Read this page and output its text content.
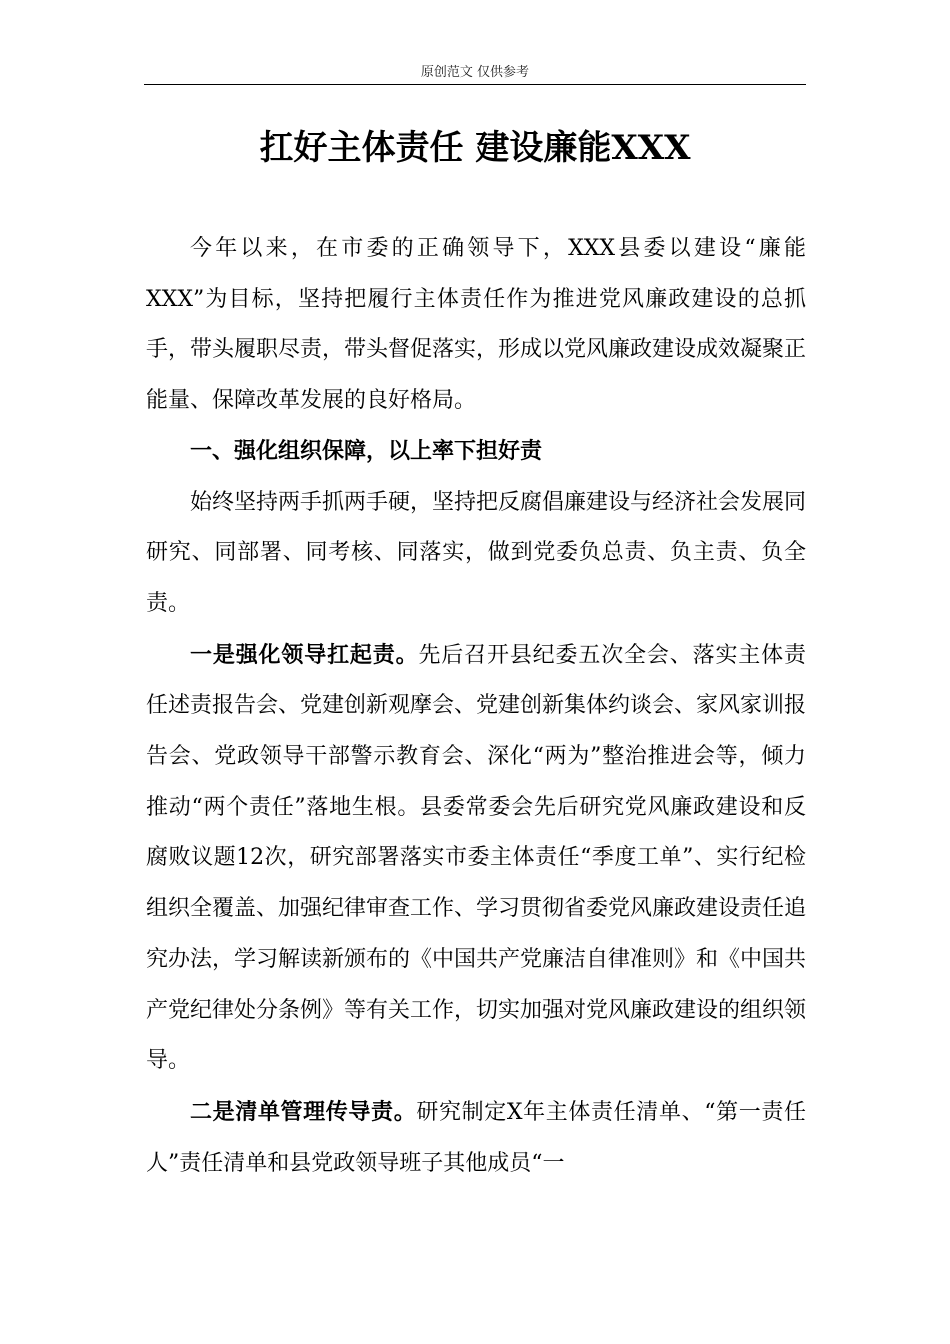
原创范文 仅供参考
扛好主体责任 建设廉能XXX

今年以来，在市委的正确领导下，XXX县委以建设“廉能XXX”为目标，坚持把履行主体责任作为推进党风廉政建设的总抓手，带头履职尽责，带头督促落实，形成以党风廉政建设成效凝聚正能量、保障改革发展的良好格局。

一、强化组织保障，以上率下担好责

始终坚持两手抓两手硬，坚持把反腐倡廉建设与经济社会发展同研究、同部署、同考核、同落实，做到党委负总责、负主责、负全责。

一是强化领导扛起责。先后召开县纪委五次全会、落实主体责任述责报告会、党建创新观摩会、党建创新集体约谈会、家风家训报告会、党政领导干部警示教育会、深化“两为”整治推进会等，倾力推动“两个责任”落地生根。县委常委会先后研究党风廉政建设和反腐败议题12次，研究部署落实市委主体责任“季度工单”、实行纪检组织全覆盖、加强纪律审查工作、学习贯彻省委党风廉政建设责任追究办法，学习解读新颁布的《中国共产党廉洁自律准则》和《中国共产党纪律处分条例》等有关工作，切实加强对党风廉政建设的组织领导。

二是清单管理传导责。研究制定X年主体责任清单、“第一责任人”责任清单和县党政领导班子其他成员“一
